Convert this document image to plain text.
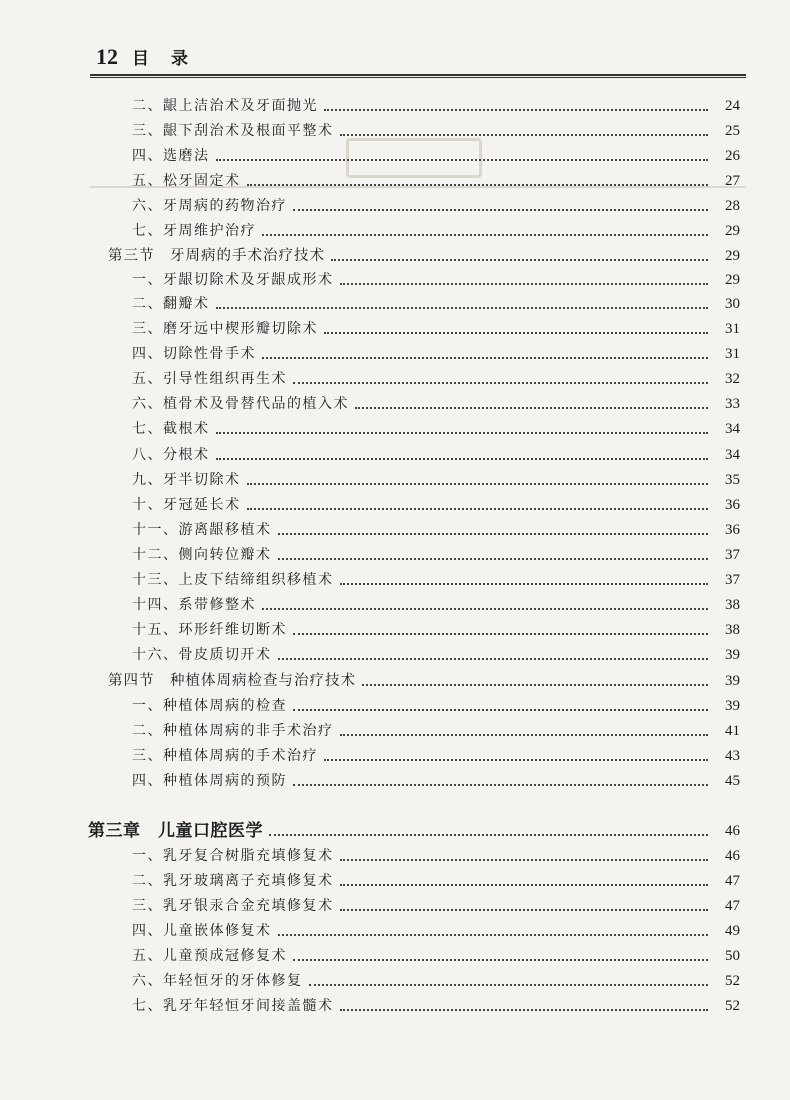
12 目录
二、龈上洁治术及牙面抛光	24
三、龈下刮治术及根面平整术	25
四、选磨法	26
五、松牙固定术	27
六、牙周病的药物治疗	28
七、牙周维护治疗	29
第三节　牙周病的手术治疗技术	29
一、牙龈切除术及牙龈成形术	29
二、翻瓣术	30
三、磨牙远中楔形瓣切除术	31
四、切除性骨手术	31
五、引导性组织再生术	32
六、植骨术及骨替代品的植入术	33
七、截根术	34
八、分根术	34
九、牙半切除术	35
十、牙冠延长术	36
十一、游离龈移植术	36
十二、侧向转位瓣术	37
十三、上皮下结缔组织移植术	37
十四、系带修整术	38
十五、环形纤维切断术	38
十六、骨皮质切开术	39
第四节　种植体周病检查与治疗技术	39
一、种植体周病的检查	39
二、种植体周病的非手术治疗	41
三、种植体周病的手术治疗	43
四、种植体周病的预防	45
第三章　儿童口腔医学	46
一、乳牙复合树脂充填修复术	46
二、乳牙玻璃离子充填修复术	47
三、乳牙银汞合金充填修复术	47
四、儿童嵌体修复术	49
五、儿童预成冠修复术	50
六、年轻恒牙的牙体修复	52
七、乳牙年轻恒牙间接盖髓术	52
